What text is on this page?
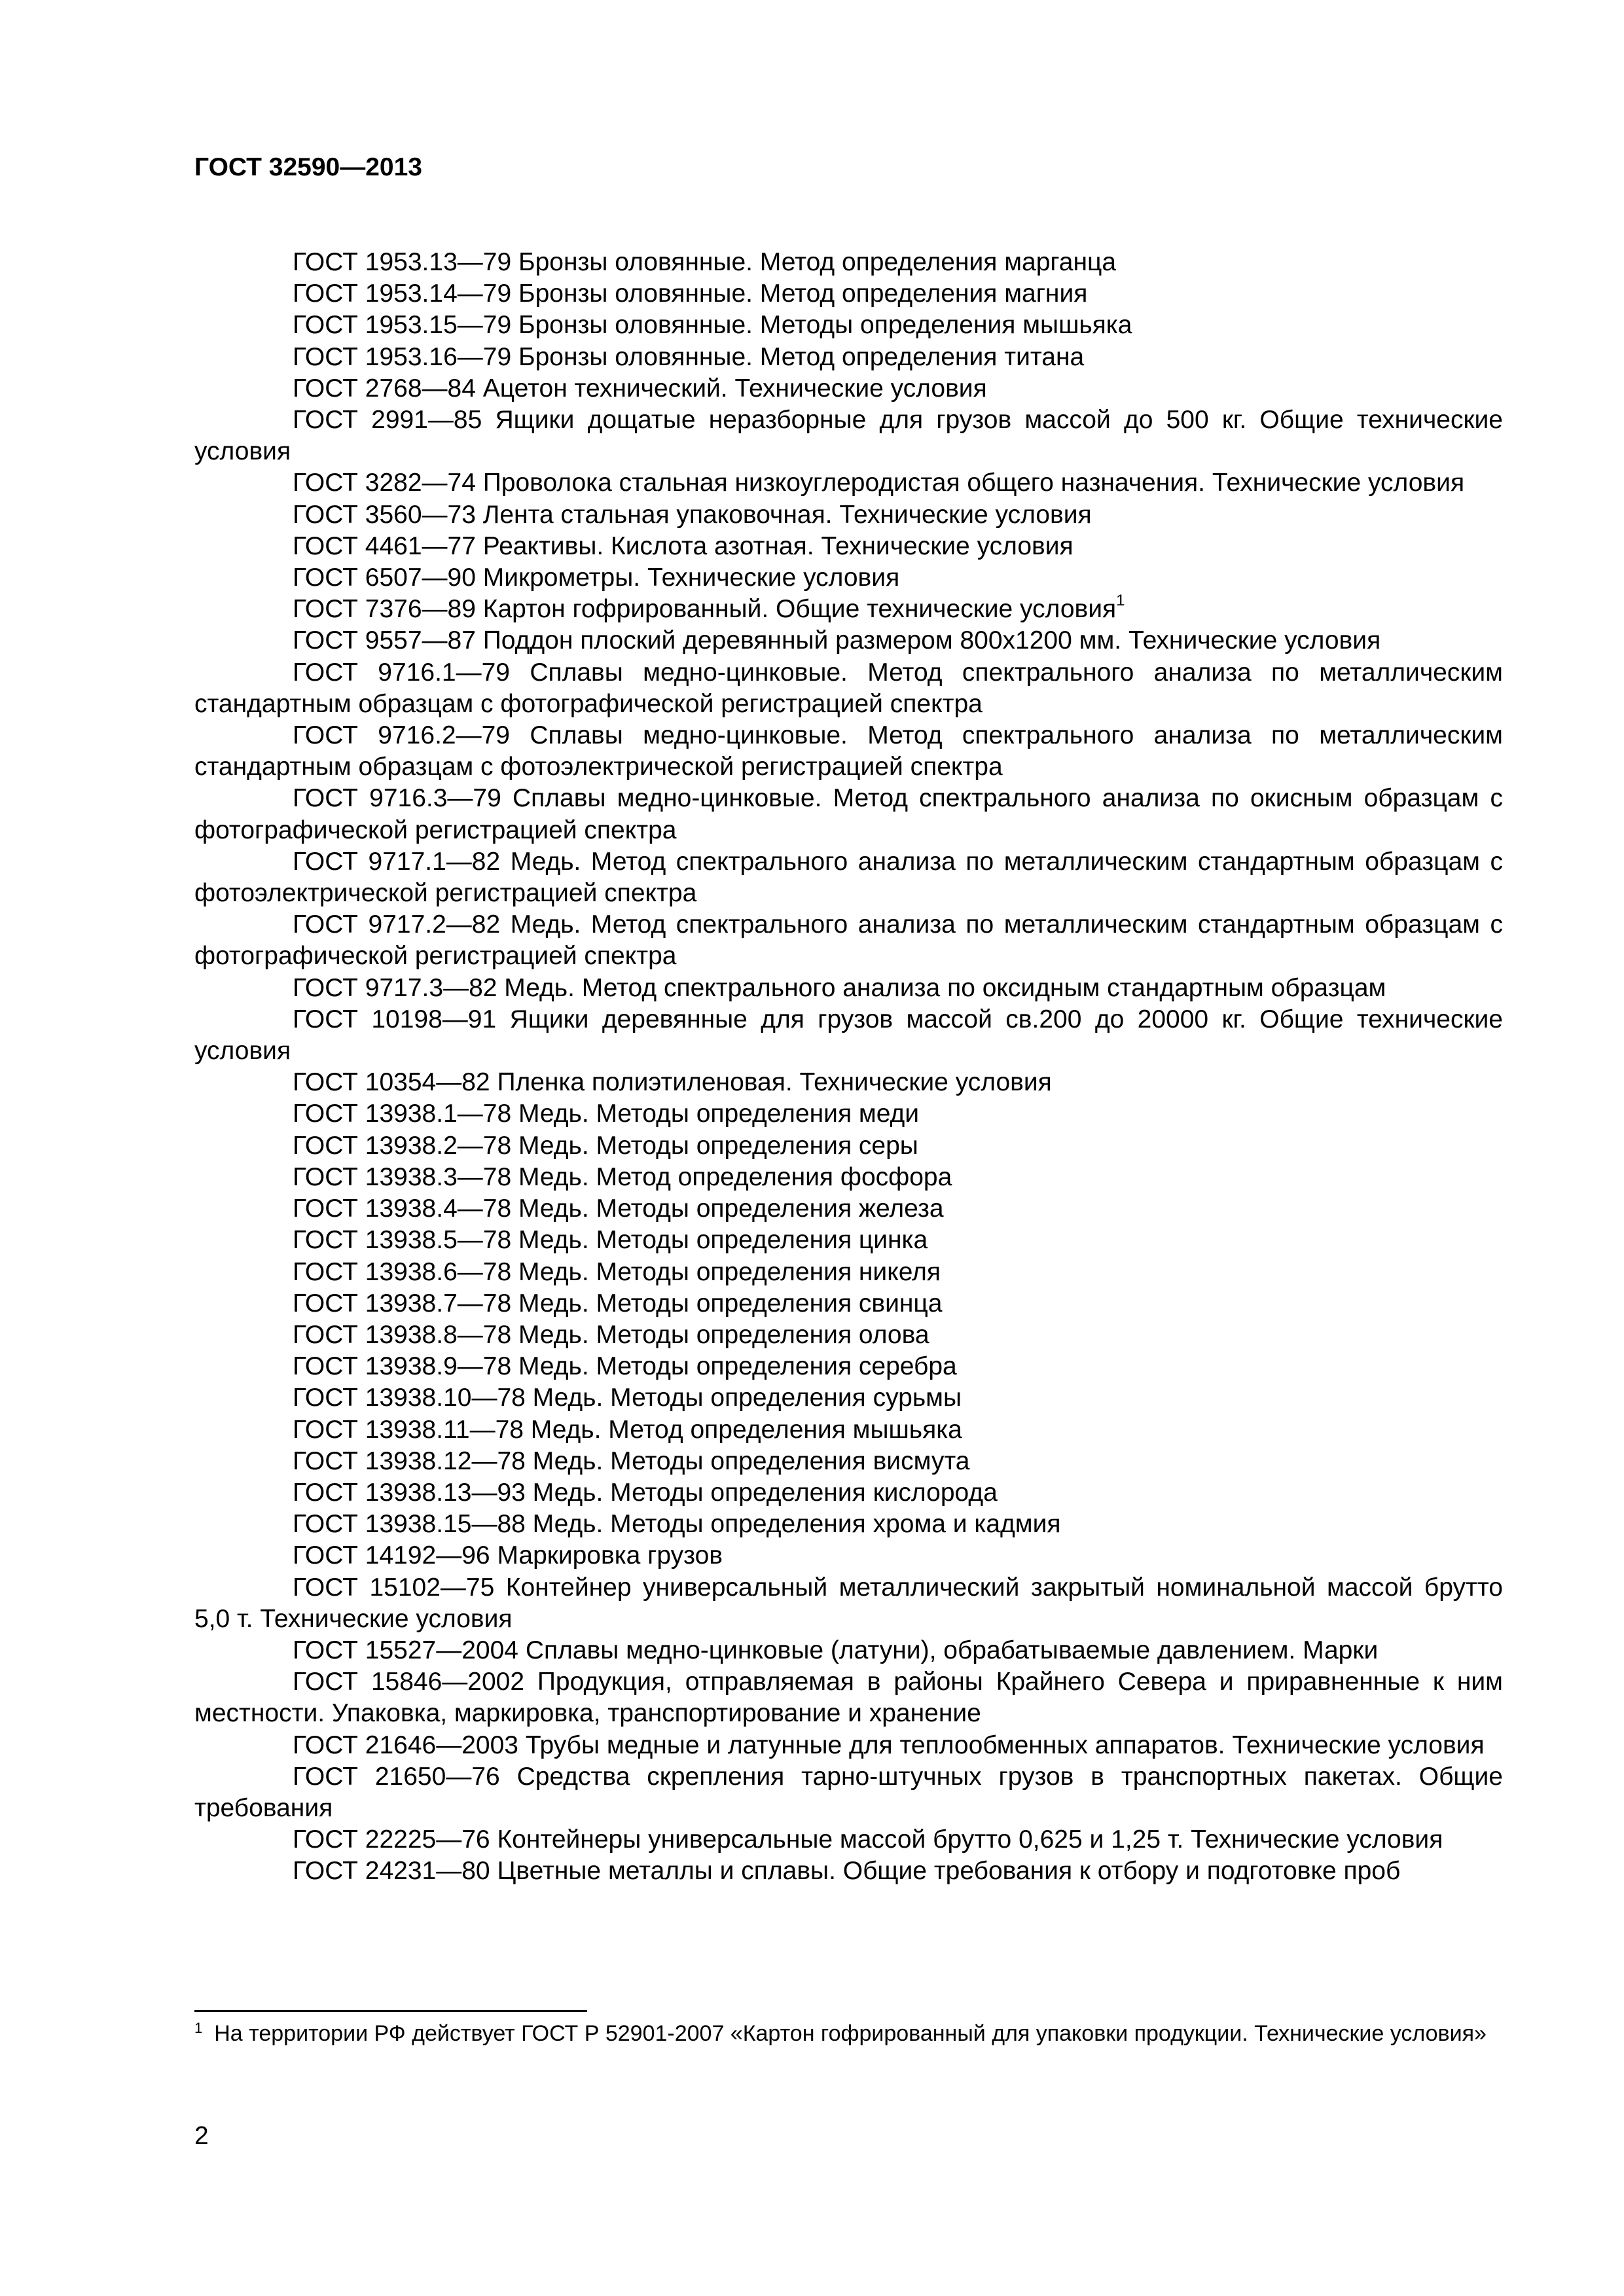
ГОСТ 32590—2013

ГОСТ 1953.13—79 Бронзы оловянные. Метод определения марганца

ГОСТ 1953.14—79 Бронзы оловянные. Метод определения магния

ГОСТ 1953.15—79 Бронзы оловянные. Методы определения мышьяка

ГОСТ 1953.16—79 Бронзы оловянные. Метод определения титана

ГОСТ 2768—84 Ацетон технический. Технические условия

ГОСТ 2991—85 Ящики дощатые неразборные для грузов массой до 500 кг. Общие технические условия

ГОСТ 3282—74 Проволока стальная низкоуглеродистая общего назначения. Технические условия

ГОСТ 3560—73 Лента стальная упаковочная. Технические условия

ГОСТ 4461—77 Реактивы. Кислота азотная. Технические условия

ГОСТ 6507—90 Микрометры. Технические условия

ГОСТ 7376—89 Картон гофрированный. Общие технические условия$^1$

ГОСТ 9557—87 Поддон плоский деревянный размером 800х1200 мм. Технические условия

ГОСТ 9716.1—79 Сплавы медно-цинковые. Метод спектрального анализа по металлическим стандартным образцам с фотографической регистрацией спектра

ГОСТ 9716.2—79 Сплавы медно-цинковые. Метод спектрального анализа по металлическим стандартным образцам с фотоэлектрической регистрацией спектра

ГОСТ 9716.3—79 Сплавы медно-цинковые. Метод спектрального анализа по окисным образцам с фотографической регистрацией спектра

ГОСТ 9717.1—82 Медь. Метод спектрального анализа по металлическим стандартным образцам с фотоэлектрической регистрацией спектра

ГОСТ 9717.2—82 Медь. Метод спектрального анализа по металлическим стандартным образцам с фотографической регистрацией спектра

ГОСТ 9717.3—82 Медь. Метод спектрального анализа по оксидным стандартным образцам

ГОСТ 10198—91 Ящики деревянные для грузов массой св.200 до 20000 кг. Общие технические условия

ГОСТ 10354—82 Пленка полиэтиленовая. Технические условия

ГОСТ 13938.1—78 Медь. Методы определения меди

ГОСТ 13938.2—78 Медь. Методы определения серы

ГОСТ 13938.3—78 Медь. Метод определения фосфора

ГОСТ 13938.4—78 Медь. Методы определения железа

ГОСТ 13938.5—78 Медь. Методы определения цинка

ГОСТ 13938.6—78 Медь. Методы определения никеля

ГОСТ 13938.7—78 Медь. Методы определения свинца

ГОСТ 13938.8—78 Медь. Методы определения олова

ГОСТ 13938.9—78 Медь. Методы определения серебра

ГОСТ 13938.10—78 Медь. Методы определения сурьмы

ГОСТ 13938.11—78 Медь. Метод определения мышьяка

ГОСТ 13938.12—78 Медь. Методы определения висмута

ГОСТ 13938.13—93 Медь. Методы определения кислорода

ГОСТ 13938.15—88 Медь. Методы определения хрома и кадмия

ГОСТ 14192—96 Маркировка грузов

ГОСТ 15102—75 Контейнер универсальный металлический закрытый номинальной массой брутто 5,0 т. Технические условия

ГОСТ 15527—2004 Сплавы медно-цинковые (латуни), обрабатываемые давлением. Марки

ГОСТ 15846—2002 Продукция, отправляемая в районы Крайнего Севера и приравненные к ним местности. Упаковка, маркировка, транспортирование и хранение

ГОСТ 21646—2003 Трубы медные и латунные для теплообменных аппаратов. Технические условия

ГОСТ 21650—76 Средства скрепления тарно-штучных грузов в транспортных пакетах. Общие требования

ГОСТ 22225—76 Контейнеры универсальные массой брутто 0,625 и 1,25 т. Технические условия

ГОСТ 24231—80 Цветные металлы и сплавы. Общие требования к отбору и подготовке проб

$^1$ На территории РФ действует ГОСТ Р 52901-2007 «Картон гофрированный для упаковки продукции. Технические условия»

2
